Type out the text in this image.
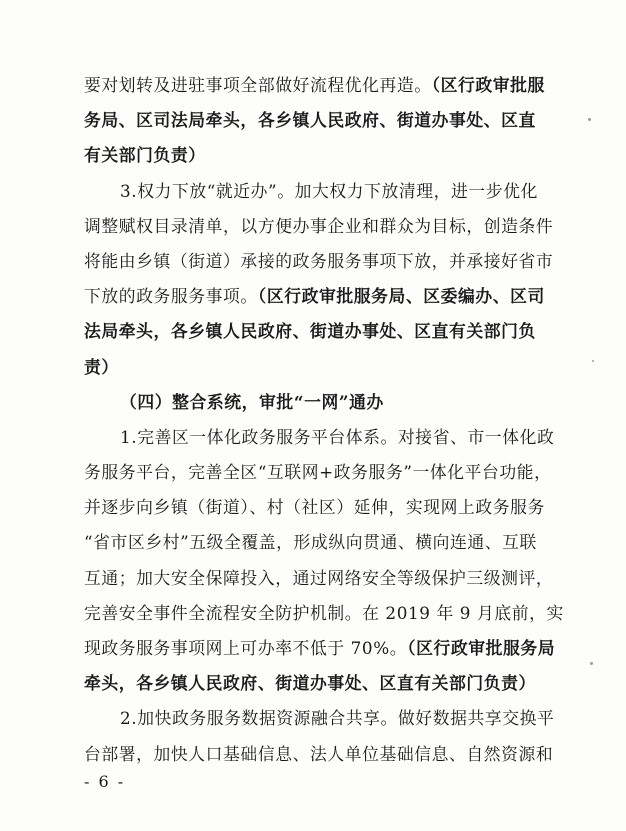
要对划转及进驻事项全部做好流程优化再造。（区行政审批服
务局、区司法局牵头，各乡镇人民政府、街道办事处、区直
有关部门负责）
3.权力下放“就近办”。加大权力下放清理，进一步优化
调整赋权目录清单，以方便办事企业和群众为目标，创造条件
将能由乡镇（街道）承接的政务服务事项下放，并承接好省市
下放的政务服务事项。（区行政审批服务局、区委编办、区司
法局牵头，各乡镇人民政府、街道办事处、区直有关部门负
责）
（四）整合系统，审批“一网”通办
1.完善区一体化政务服务平台体系。对接省、市一体化政
务服务平台，完善全区“互联网+政务服务”一体化平台功能，
并逐步向乡镇（街道）、村（社区）延伸，实现网上政务服务
“省市区乡村”五级全覆盖，形成纵向贯通、横向连通、互联
互通；加大安全保障投入，通过网络安全等级保护三级测评，
完善安全事件全流程安全防护机制。在 2019 年 9 月底前，实
现政务服务事项网上可办率不低于 70%。（区行政审批服务局
牵头，各乡镇人民政府、街道办事处、区直有关部门负责）
2.加快政务服务数据资源融合共享。做好数据共享交换平
台部署，加快人口基础信息、法人单位基础信息、自然资源和
- 6 -
